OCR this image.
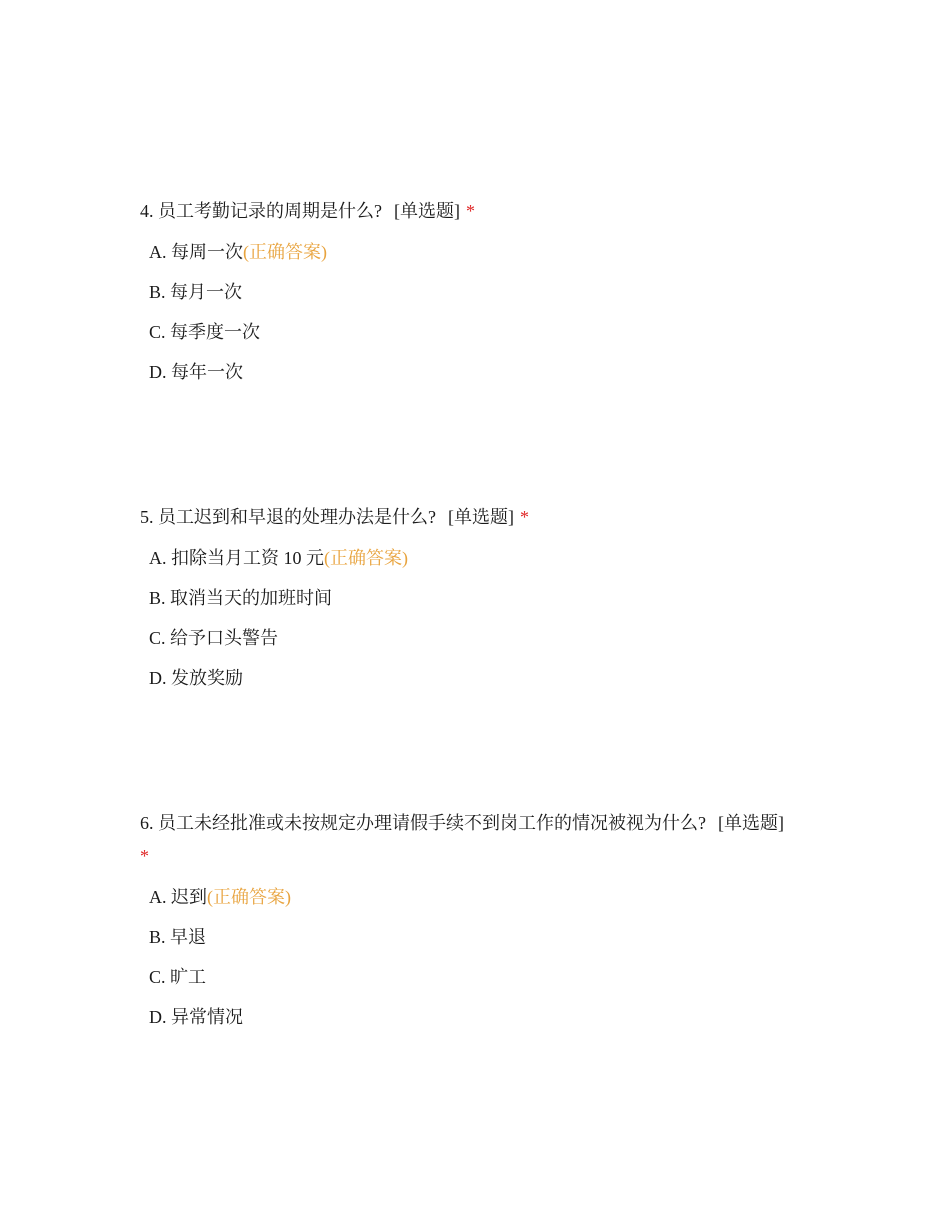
4. 员工考勤记录的周期是什么? [单选题] *

A. 每周一次(正确答案)
B. 每月一次
C. 每季度一次
D. 每年一次

5. 员工迟到和早退的处理办法是什么? [单选题] *

A. 扣除当月工资 10 元(正确答案)
B. 取消当天的加班时间
C. 给予口头警告
D. 发放奖励

6. 员工未经批准或未按规定办理请假手续不到岗工作的情况被视为什么? [单选题]
*

A. 迟到(正确答案)
B. 早退
C. 旷工
D. 异常情况
